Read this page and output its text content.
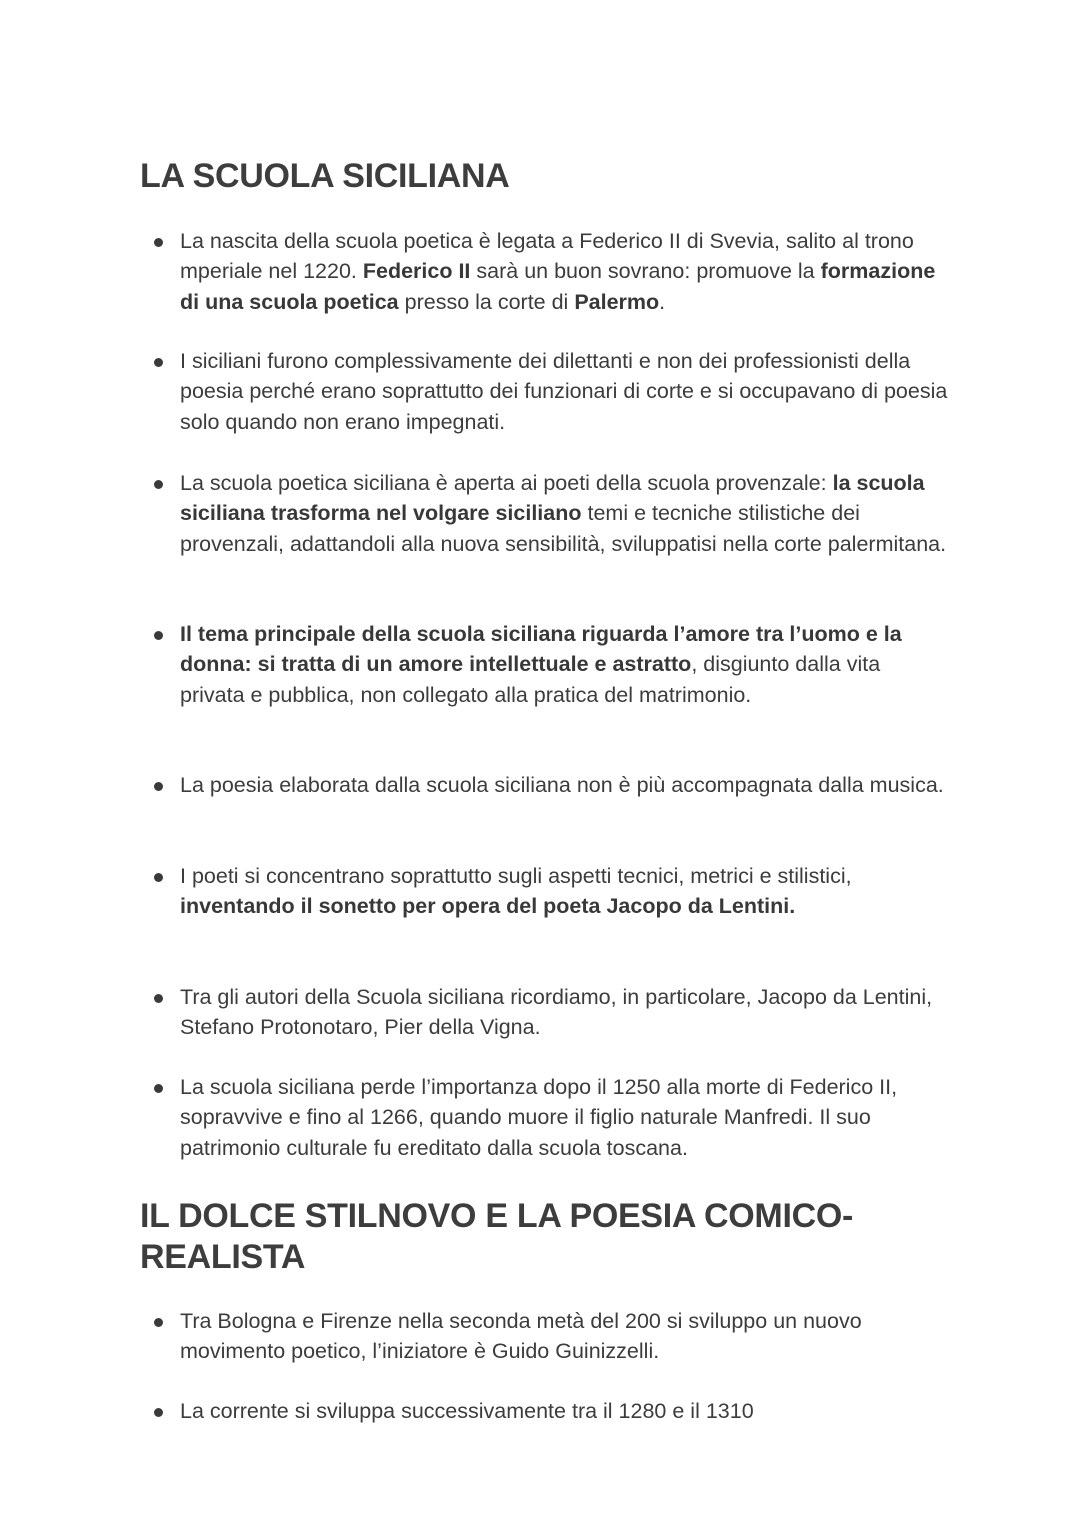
LA SCUOLA SICILIANA
La nascita della scuola poetica è legata a Federico II di Svevia, salito al trono mperiale nel 1220. Federico II sarà un buon sovrano: promuove la formazione di una scuola poetica presso la corte di Palermo.
I siciliani furono complessivamente dei dilettanti e non dei professionisti della poesia perché erano soprattutto dei funzionari di corte e si occupavano di poesia solo quando non erano impegnati.
La scuola poetica siciliana è aperta ai poeti della scuola provenzale: la scuola siciliana trasforma nel volgare siciliano temi e tecniche stilistiche dei provenzali, adattandoli alla nuova sensibilità, sviluppatisi nella corte palermitana.
Il tema principale della scuola siciliana riguarda l’amore tra l’uomo e la donna: si tratta di un amore intellettuale e astratto, disgiunto dalla vita privata e pubblica, non collegato alla pratica del matrimonio.
La poesia elaborata dalla scuola siciliana non è più accompagnata dalla musica.
I poeti si concentrano soprattutto sugli aspetti tecnici, metrici e stilistici, inventando il sonetto per opera del poeta Jacopo da Lentini.
Tra gli autori della Scuola siciliana ricordiamo, in particolare, Jacopo da Lentini, Stefano Protonotaro, Pier della Vigna.
La scuola siciliana perde l’importanza dopo il 1250 alla morte di Federico II, sopravvive e fino al 1266, quando muore il figlio naturale Manfredi. Il suo patrimonio culturale fu ereditato dalla scuola toscana.
IL DOLCE STILNOVO E LA POESIA COMICO-REALISTA
Tra Bologna e Firenze nella seconda metà del 200 si sviluppo un nuovo movimento poetico, l’iniziatore è Guido Guinizzelli.
La corrente si sviluppa successivamente tra il 1280 e il 1310
